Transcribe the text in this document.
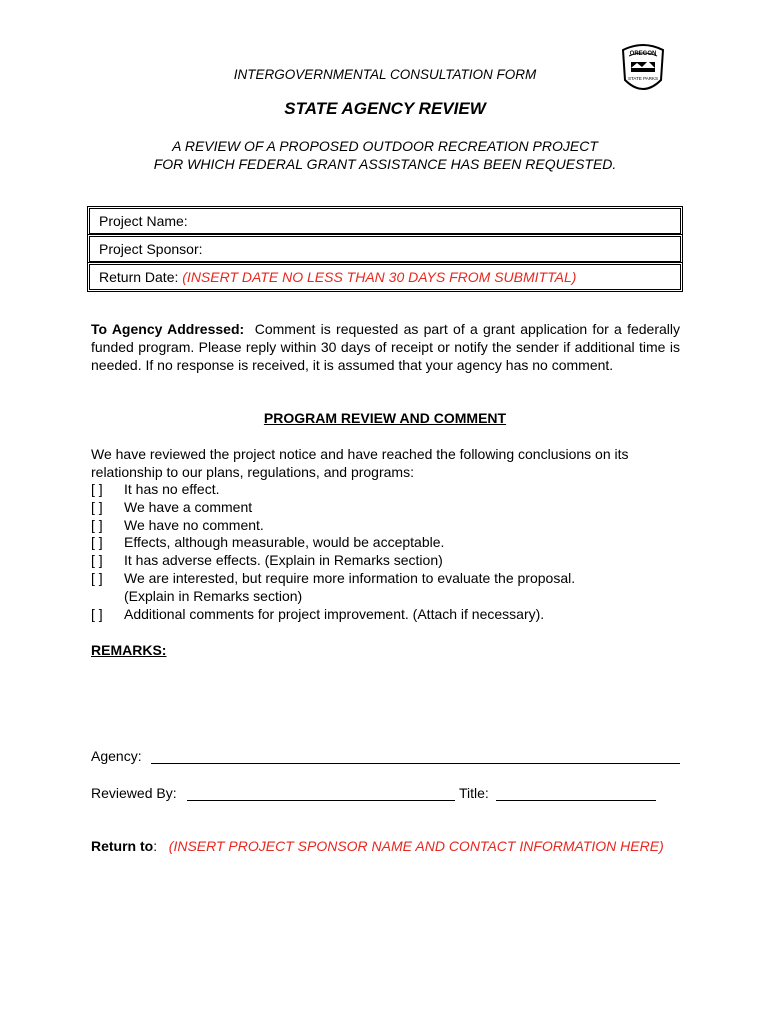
INTERGOVERNMENTAL CONSULTATION FORM
OREGON
STATE PARKS
STATE AGENCY REVIEW
A REVIEW OF A PROPOSED OUTDOOR RECREATION PROJECT
FOR WHICH FEDERAL GRANT ASSISTANCE HAS BEEN REQUESTED.
Project Name:
Project Sponsor:
Return Date: (INSERT DATE NO LESS THAN 30 DAYS FROM SUBMITTAL)
To Agency Addressed: Comment is requested as part of a grant application for a federally funded program. Please reply within 30 days of receipt or notify the sender if additional time is needed. If no response is received, it is assumed that your agency has no comment.
PROGRAM REVIEW AND COMMENT
We have reviewed the project notice and have reached the following conclusions on its relationship to our plans, regulations, and programs:
[ ]	It has no effect.
[ ]	We have a comment
[ ]	We have no comment.
[ ]	Effects, although measurable, would be acceptable.
[ ]	It has adverse effects. (Explain in Remarks section)
[ ]	We are interested, but require more information to evaluate the proposal.
(Explain in Remarks section)
[ ]	Additional comments for project improvement. (Attach if necessary).
REMARKS:
Agency:
Reviewed By:	Title:
Return to: (INSERT PROJECT SPONSOR NAME AND CONTACT INFORMATION HERE)
